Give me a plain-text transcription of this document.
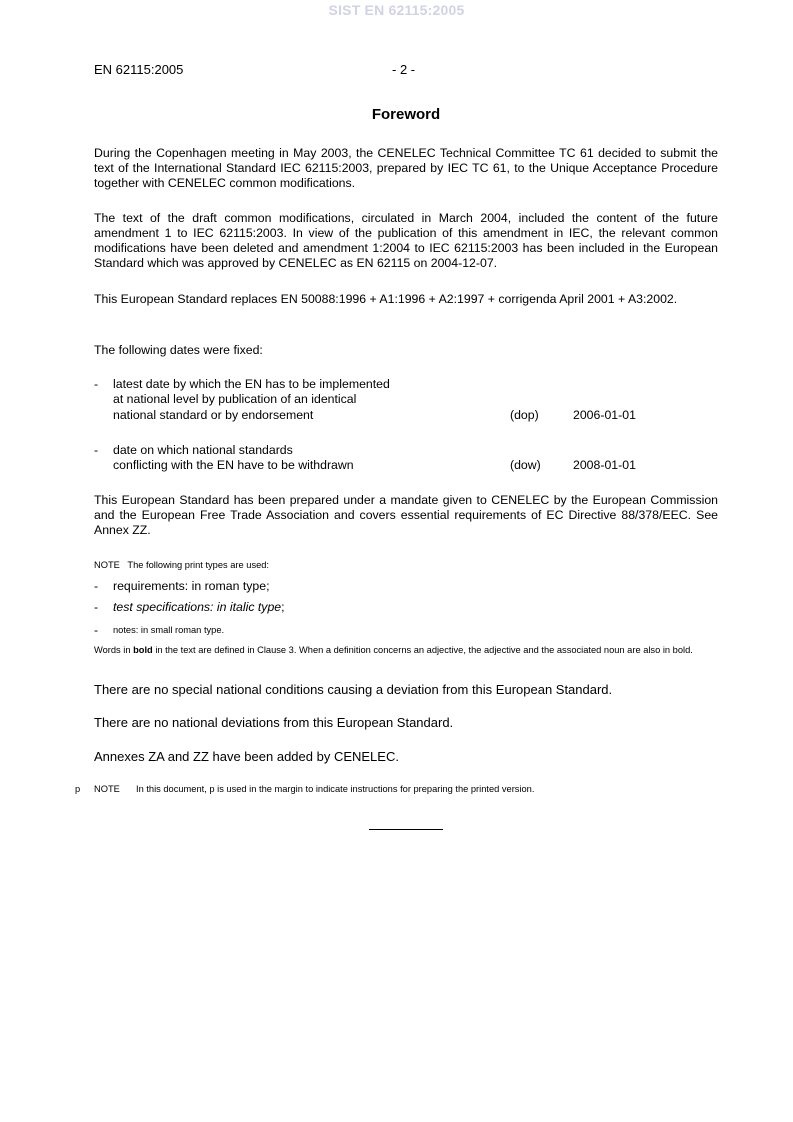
SIST EN 62115:2005
EN 62115:2005	- 2 -
Foreword
During the Copenhagen meeting in May 2003, the CENELEC Technical Committee TC 61 decided to submit the text of the International Standard IEC 62115:2003, prepared by IEC TC 61, to the Unique Acceptance Procedure together with CENELEC common modifications.
The text of the draft common modifications, circulated in March 2004, included the content of the future amendment 1 to IEC 62115:2003. In view of the publication of this amendment in IEC, the relevant common modifications have been deleted and amendment 1:2004 to IEC 62115:2003 has been included in the European Standard which was approved by CENELEC as EN 62115 on 2004-12-07.
This European Standard replaces EN 50088:1996 + A1:1996 + A2:1997 + corrigenda April 2001 + A3:2002.
The following dates were fixed:
- latest date by which the EN has to be implemented
at national level by publication of an identical
national standard or by endorsement	(dop)	2006-01-01
- date on which national standards
conflicting with the EN have to be withdrawn	(dow)	2008-01-01
This European Standard has been prepared under a mandate given to CENELEC by the European Commission and the European Free Trade Association and covers essential requirements of EC Directive 88/378/EEC. See Annex ZZ.
NOTE The following print types are used:
- requirements: in roman type;
- test specifications: in italic type;
- notes: in small roman type.
Words in bold in the text are defined in Clause 3. When a definition concerns an adjective, the adjective and the associated noun are also in bold.
There are no special national conditions causing a deviation from this European Standard.
There are no national deviations from this European Standard.
Annexes ZA and ZZ have been added by CENELEC.
p NOTE In this document, p is used in the margin to indicate instructions for preparing the printed version.
